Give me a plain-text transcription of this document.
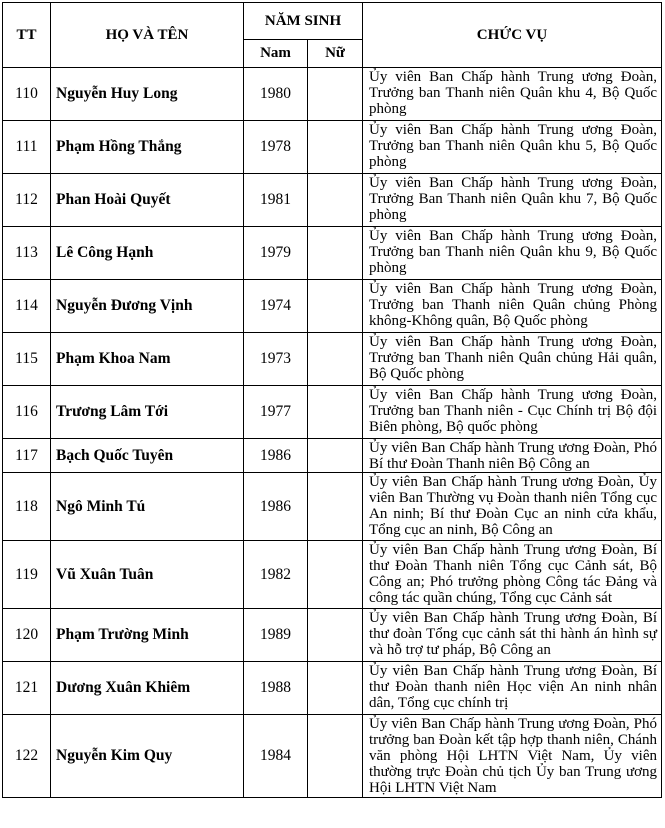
TT	HỌ VÀ TÊN	NĂM SINH		CHỨC VỤ
		Nam	Nữ	
110	Nguyễn Huy Long	1980		Ủy viên Ban Chấp hành Trung ương Đoàn, Trưởng ban Thanh niên Quân khu 4, Bộ Quốc phòng
111	Phạm Hồng Thắng	1978		Ủy viên Ban Chấp hành Trung ương Đoàn, Trưởng ban Thanh niên Quân khu 5, Bộ Quốc phòng
112	Phan Hoài Quyết	1981		Ủy viên Ban Chấp hành Trung ương Đoàn, Trưởng Ban Thanh niên Quân khu 7, Bộ Quốc phòng
113	Lê Công Hạnh	1979		Ủy viên Ban Chấp hành Trung ương Đoàn, Trưởng ban Thanh niên Quân khu 9, Bộ Quốc phòng
114	Nguyễn Đương Vịnh	1974		Ủy viên Ban Chấp hành Trung ương Đoàn, Trưởng ban Thanh niên Quân chủng Phòng không-Không quân, Bộ Quốc phòng
115	Phạm Khoa Nam	1973		Ủy viên Ban Chấp hành Trung ương Đoàn, Trưởng ban Thanh niên Quân chủng Hải quân, Bộ Quốc phòng
116	Trương Lâm Tới	1977		Ủy viên Ban Chấp hành Trung ương Đoàn, Trưởng ban Thanh niên - Cục Chính trị Bộ đội Biên phòng, Bộ quốc phòng
117	Bạch Quốc Tuyên	1986		Ủy viên Ban Chấp hành Trung ương Đoàn, Phó Bí thư Đoàn Thanh niên Bộ Công an
118	Ngô Minh Tú	1986		Ủy viên Ban Chấp hành Trung ương Đoàn, Ủy viên Ban Thường vụ Đoàn thanh niên Tổng cục An ninh; Bí thư Đoàn Cục an ninh cửa khẩu, Tổng cục an ninh, Bộ Công an
119	Vũ Xuân Tuân	1982		Ủy viên Ban Chấp hành Trung ương Đoàn, Bí thư Đoàn Thanh niên Tổng cục Cảnh sát, Bộ Công an; Phó trưởng phòng Công tác Đảng và công tác quần chúng, Tổng cục Cảnh sát
120	Phạm Trường Minh	1989		Ủy viên Ban Chấp hành Trung ương Đoàn, Bí thư đoàn Tổng cục cảnh sát thi hành án hình sự và hỗ trợ tư pháp, Bộ Công an
121	Dương Xuân Khiêm	1988		Ủy viên Ban Chấp hành Trung ương Đoàn, Bí thư Đoàn thanh niên Học viện An ninh nhân dân, Tổng cục chính trị
122	Nguyễn Kim Quy	1984		Ủy viên Ban Chấp hành Trung ương Đoàn, Phó trưởng ban Đoàn kết tập hợp thanh niên, Chánh văn phòng Hội LHTN Việt Nam, Ủy viên thường trực Đoàn chủ tịch Ủy ban Trung ương Hội LHTN Việt Nam
